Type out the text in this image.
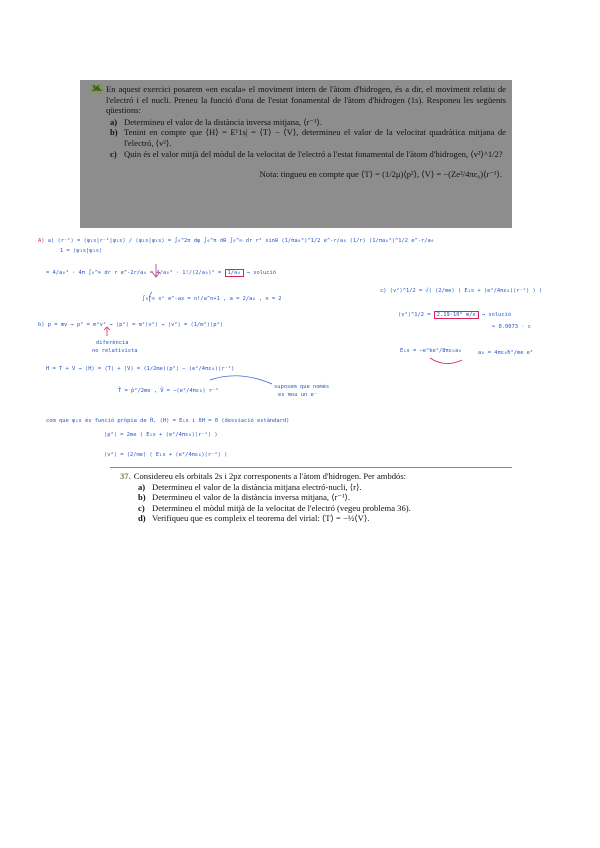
36. En aquest exercici posarem «en escala» el moviment intern de l'àtom d'hidrogen, és a dir, el moviment relatiu de l'electró i el nucli. Preneu la funció d'ona de l'estat fonamental de l'àtom d'hidrogen (1s). Responeu les següents qüestions:

a) Determineu el valor de la distància inversa mitjana, ⟨r⁻¹⟩.
b) Tenint en compte que ⟨H⟩ = E¹1s| = ⟨T⟩ − ⟨V⟩, determineu el valor de la velocitat quadràtica mitjana de l'electró, ⟨v²⟩.
c) Quin és el valor mitjà del mòdul de la velocitat de l'electró a l'estat fonamental de l'àtom d'hidrogen, ⟨v²⟩^1/2?
Nota: tingueu en compte que ⟨T⟩ = (1/2μ)⟨p²⟩, ⟨V⟩ = −(Ze²/4πε₀)⟨r⁻¹⟩.
A) a) ⟨r⁻¹⟩ = ⟨ψ₁s|r⁻¹|ψ₁s⟩ / ⟨ψ₁s|ψ₁s⟩ = ∫₀^2π dφ ∫₀^π dθ ∫₀^∞ dr r² sinθ (1/πa₀³)^1/2 e^-r/a₀ (1/r) (1/πa₀³)^1/2 e^-r/a₀
1 = ⟨ψ₁s|ψ₁s⟩
= 4/a₀³ · 4π ∫₀^∞ dr r e^-2r/a₀ = 4/a₀³ · 1!/(2/a₀)² = 1/a₀ → solució
∫₀^∞ xⁿ e^-ax = n!/a^n+1 , a = 2/a₀ , n = 2
b) p = mv → p² = m²v² → ⟨p²⟩ = m²⟨v²⟩ → ⟨v²⟩ = (1/m²)⟨p²⟩
diferència
no relativista
H = T + V → ⟨H⟩ = ⟨T⟩ + ⟨V⟩ = (1/2me)⟨p²⟩ − (e²/4πε₀)⟨r⁻¹⟩
T̂ = p̂²/2me , V̂ = −(e²/4πε₀) r⁻¹
suposem que només
es mou un e⁻
com que ψ₁s és funció pròpia de Ĥ, ⟨H⟩ = E₁s i δH = 0 (desviació estàndard)
⟨p²⟩ = 2me ( E₁s + (e²/4πε₀)⟨r⁻¹⟩ )
⟨v²⟩ = (2/me) ( E₁s + (e²/4πε₀)⟨r⁻¹⟩ )
c) ⟨v²⟩^1/2 = √( (2/me) ( E₁s + (e²/4πε₀)⟨r⁻¹⟩ ) )
⟨v²⟩^1/2 = 2.19·10⁶ m/s → solució
≈ 0.0073 · c
E₁s = −e²ke²/8πε₀a₀	a₀ = 4πε₀ħ²/me e²
37. Considereu els orbitals 2s i 2pz corresponents a l'àtom d'hidrogen. Per ambdós:
a) Determineu el valor de la distància mitjana electró-nucli, ⟨r⟩.
b) Determineu el valor de la distància inversa mitjana, ⟨r⁻¹⟩.
c) Determineu el mòdul mitjà de la velocitat de l'electró (vegeu problema 36).
d) Verifiqueu que es compleix el teorema del virial: ⟨T⟩ = −½⟨V⟩.
